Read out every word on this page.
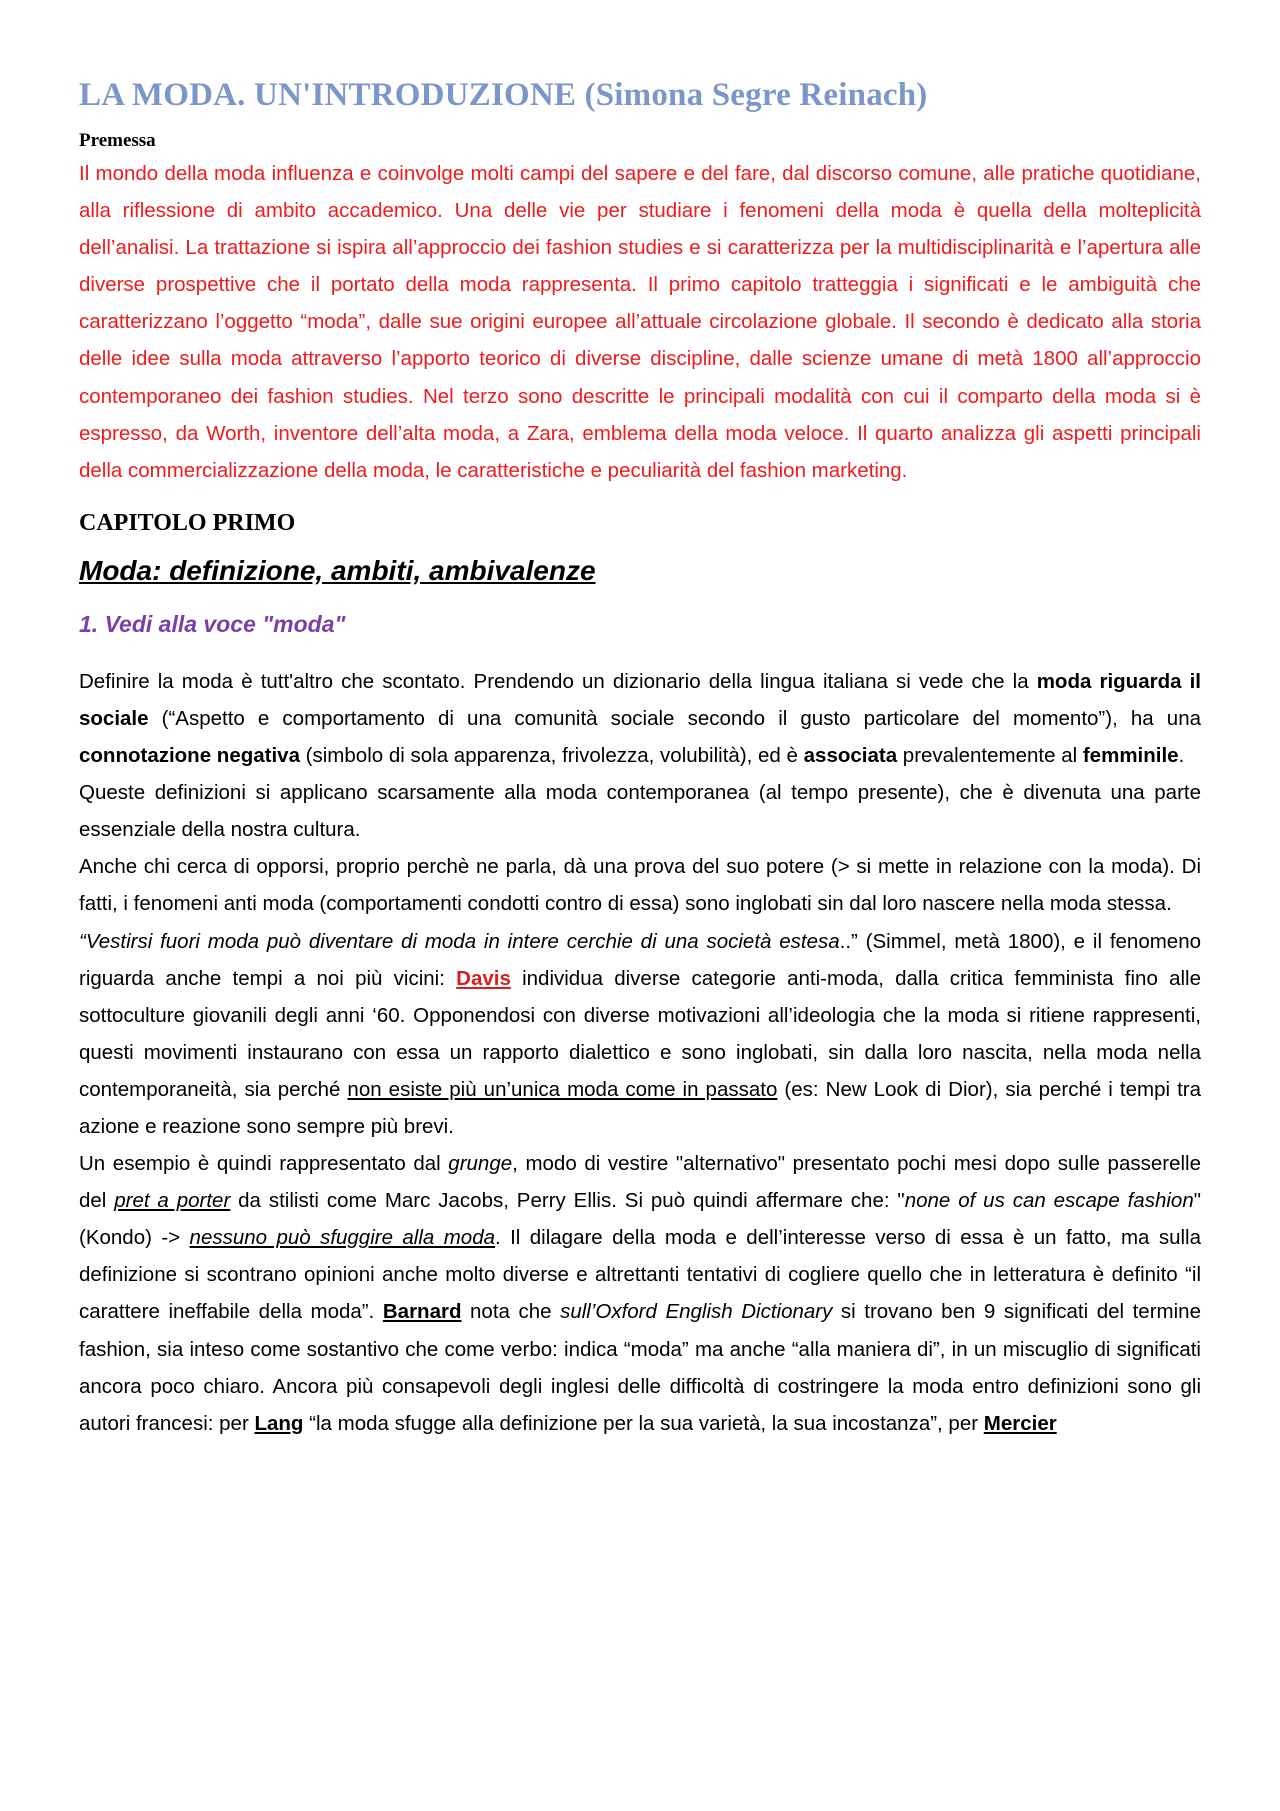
LA MODA. UN'INTRODUZIONE (Simona Segre Reinach)
Premessa

Il mondo della moda influenza e coinvolge molti campi del sapere e del fare, dal discorso comune, alle pratiche quotidiane, alla riflessione di ambito accademico. Una delle vie per studiare i fenomeni della moda è quella della molteplicità dell’analisi. La trattazione si ispira all’approccio dei fashion studies e si caratterizza per la multidisciplinarità e l’apertura alle diverse prospettive che il portato della moda rappresenta. Il primo capitolo tratteggia i significati e le ambiguità che caratterizzano l’oggetto “moda”, dalle sue origini europee all’attuale circolazione globale. Il secondo è dedicato alla storia delle idee sulla moda attraverso l’apporto teorico di diverse discipline, dalle scienze umane di metà 1800 all’approccio contemporaneo dei fashion studies. Nel terzo sono descritte le principali modalità con cui il comparto della moda si è espresso, da Worth, inventore dell’alta moda, a Zara, emblema della moda veloce. Il quarto analizza gli aspetti principali della commercializzazione della moda, le caratteristiche e peculiarità del fashion marketing.

CAPITOLO PRIMO
Moda: definizione, ambiti, ambivalenze
1. Vedi alla voce "moda"

Definire la moda è tutt'altro che scontato. Prendendo un dizionario della lingua italiana si vede che la moda riguarda il sociale (“Aspetto e comportamento di una comunità sociale secondo il gusto particolare del momento”), ha una connotazione negativa (simbolo di sola apparenza, frivolezza, volubilità), ed è associata prevalentemente al femminile.

Queste definizioni si applicano scarsamente alla moda contemporanea (al tempo presente), che è divenuta una parte essenziale della nostra cultura.

Anche chi cerca di opporsi, proprio perchè ne parla, dà una prova del suo potere (> si mette in relazione con la moda). Di fatti, i fenomeni anti moda (comportamenti condotti contro di essa) sono inglobati sin dal loro nascere nella moda stessa.

“Vestirsi fuori moda può diventare di moda in intere cerchie di una società estesa..” (Simmel, metà 1800), e il fenomeno riguarda anche tempi a noi più vicini: Davis individua diverse categorie anti-moda, dalla critica femminista fino alle sottoculture giovanili degli anni ‘60. Opponendosi con diverse motivazioni all’ideologia che la moda si ritiene rappresenti, questi movimenti instaurano con essa un rapporto dialettico e sono inglobati, sin dalla loro nascita, nella moda nella contemporaneità, sia perché non esiste più un’unica moda come in passato (es: New Look di Dior), sia perché i tempi tra azione e reazione sono sempre più brevi.

Un esempio è quindi rappresentato dal grunge, modo di vestire "alternativo" presentato pochi mesi dopo sulle passerelle del pret a porter da stilisti come Marc Jacobs, Perry Ellis. Si può quindi affermare che: "none of us can escape fashion" (Kondo) -> nessuno può sfuggire alla moda. Il dilagare della moda e dell’interesse verso di essa è un fatto, ma sulla definizione si scontrano opinioni anche molto diverse e altrettanti tentativi di cogliere quello che in letteratura è definito “il carattere ineffabile della moda”. Barnard nota che sull’Oxford English Dictionary si trovano ben 9 significati del termine fashion, sia inteso come sostantivo che come verbo: indica “moda” ma anche “alla maniera di”, in un miscuglio di significati ancora poco chiaro. Ancora più consapevoli degli inglesi delle difficoltà di costringere la moda entro definizioni sono gli autori francesi: per Lang “la moda sfugge alla definizione per la sua varietà, la sua incostanza”, per Mercier
